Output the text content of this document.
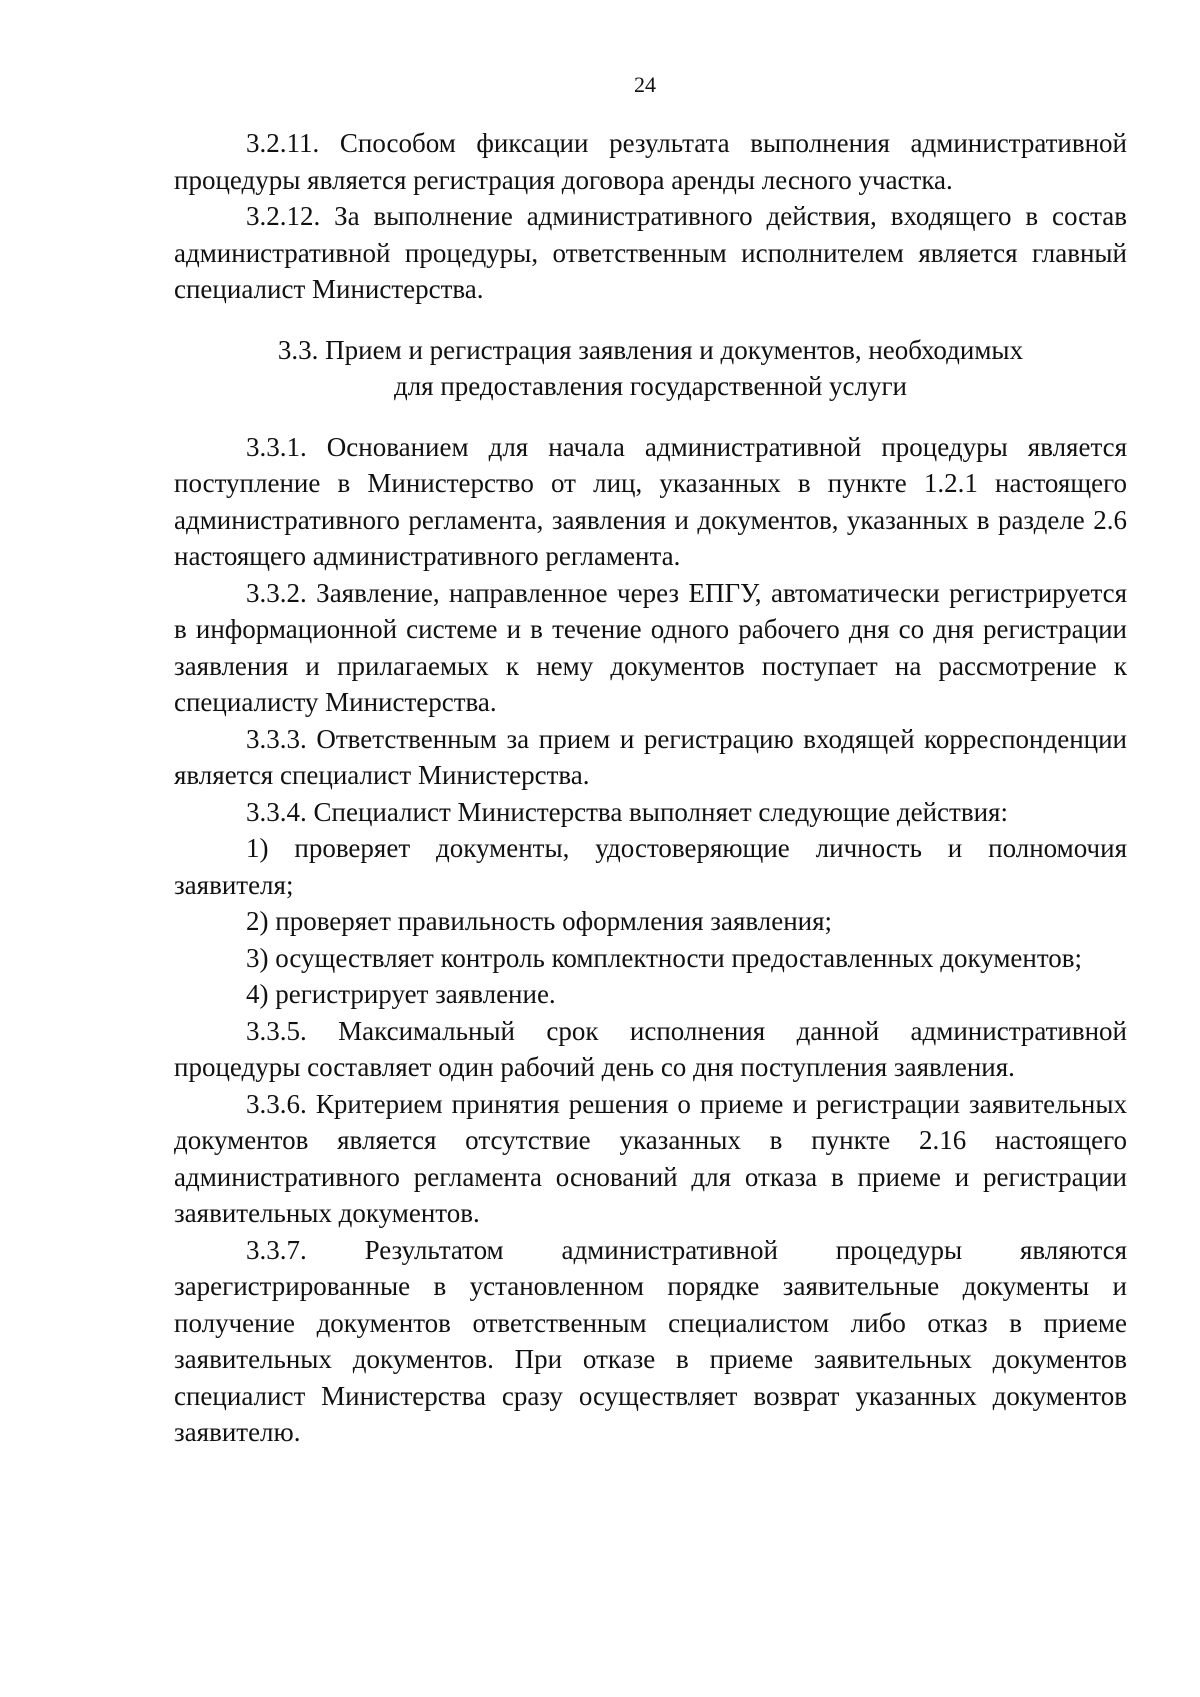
24

3.2.11. Способом фиксации результата выполнения административной процедуры является регистрация договора аренды лесного участка.

3.2.12. За выполнение административного действия, входящего в состав административной процедуры, ответственным исполнителем является главный специалист Министерства.

3.3. Прием и регистрация заявления и документов, необходимых
для предоставления государственной услуги

3.3.1. Основанием для начала административной процедуры является поступление в Министерство от лиц, указанных в пункте 1.2.1 настоящего административного регламента, заявления и документов, указанных в разделе 2.6 настоящего административного регламента.

3.3.2. Заявление, направленное через ЕПГУ, автоматически регистрируется в информационной системе и в течение одного рабочего дня со дня регистрации заявления и прилагаемых к нему документов поступает на рассмотрение к специалисту Министерства.

3.3.3. Ответственным за прием и регистрацию входящей корреспонденции является специалист Министерства.

3.3.4. Специалист Министерства выполняет следующие действия:

1) проверяет документы, удостоверяющие личность и полномочия заявителя;

2) проверяет правильность оформления заявления;

3) осуществляет контроль комплектности предоставленных документов;

4) регистрирует заявление.

3.3.5. Максимальный срок исполнения данной административной процедуры составляет один рабочий день со дня поступления заявления.

3.3.6. Критерием принятия решения о приеме и регистрации заявительных документов является отсутствие указанных в пункте 2.16 настоящего административного регламента оснований для отказа в приеме и регистрации заявительных документов.

3.3.7. Результатом административной процедуры являются зарегистрированные в установленном порядке заявительные документы и получение документов ответственным специалистом либо отказ в приеме заявительных документов. При отказе в приеме заявительных документов специалист Министерства сразу осуществляет возврат указанных документов заявителю.
